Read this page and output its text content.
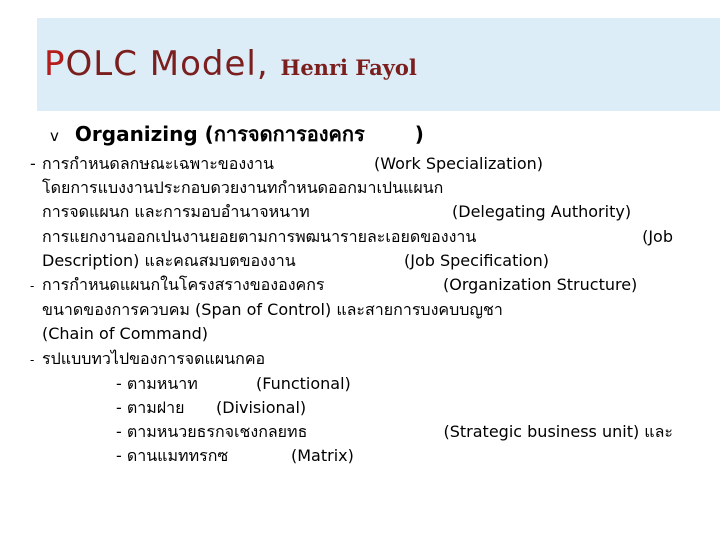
POLC Model, Henri Fayol
v Organizing (การจดการองคกร	)
- การกำหนดลกษณะเฉพาะของงาน	(Work Specialization)
โดยการแบงงานประกอบดวยงานทกำหนดออกมาเปนแผนก
การจดแผนก และการมอบอำนาจหนาท	(Delegating Authority)
การแยกงานออกเปนงานยอยตามการพฒนารายละเอยดของงาน	(Job
Description) และคณสมบตของงาน	(Job Specification)
- การกำหนดแผนกในโครงสรางขององคกร	(Organization Structure)
ขนาดของการควบคม (Span of Control) และสายการบงคบบญชา
(Chain of Command)
- รปแบบทวไปของการจดแผนกคอ
- ตามหนาท	(Functional)
- ตามฝาย (Divisional)
- ตามหนวยธรกจเชงกลยทธ	(Strategic business unit) และ
- ดานแมททรกซ	(Matrix)
